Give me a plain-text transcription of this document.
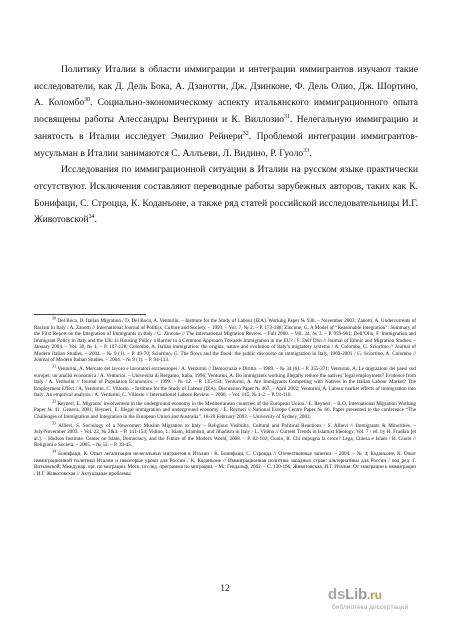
Политику Италии в области иммиграции и интеграции иммигрантов изучают такие исследователи, как Д. Дель Бока, А. Дзанотти, Дж. Дзинконе, Ф. Дель Олио, Дж. Шортино, А. Коломбо$^{30}$. Социально-экономическому аспекту итальянского иммиграционного опыта посвящены работы Алессандры Вентурини и К. Виллозио$^{31}$. Нелегальную иммиграцию и занятость в Италии исследует Эмилио Рейнери$^{32}$. Проблемой интеграции иммигрантов-мусульман в Италии занимаются С. Аллъеви, Л. Видино, Р. Гуоло$^{33}$.

Исследования по иммиграционной ситуации в Италии на русском языке практически отсутствуют. Исключения составляют переводные работы зарубежных авторов, таких как К. Бонифаци, С. Строцца, К. Коданъоне, а также ряд статей российской исследовательницы И.Г. Животовской$^{34}$.

$^{30}$ Del Boca, D. Italian Migration / D. Del Boca, A. Venturini. – Institute for the Study of Labour (IZA). Working Paper № 938. – November 2003; Zanotti, A. Undercurrents of Racism in Italy / A. Zanotti // International Journal of Politics, Culture and Society. – 1993. – Vol. 7, № 2. – P. 173-188; Zincone, G. A Model of “Reasonable Integration”: Summary of the First Report on the Integration of Immigrants in Italy / G. Zincone // The International Migration Review. – Fall 2000. – Vol. 34, № 3. – P. 959-961; Dell’Olio, F. Immigration and Immigrant Policy in Italy and the UK: Is Housing Policy a Barrier to a Common Approach Towards Immigration in the EU? / F. Dell’Olio // Journal of Ethnic and Migration Studies. – January 2004. – Vol. 30, № 1. – P. 107-128; Colombo, A. Italian immigration: the origins, nature and evolution of Italy’s migratory systems / A. Colombo, G. Sciortino // Journal of Modern Italian Studies. – 2004. – № 9 (1). – P. 49-70; Sciortino, G. The flows and the flood: the public discourse on immigration in Italy, 1969-2001 / G. Sciortino, A. Colombo // Journal of Modern Italian Studies. – 2004. – № 9 (1). – P. 94-113.

$^{31}$ Venturini, A. Mercato del lavoro e lavoratori extraeuropei / A. Venturini // Democrazia e Diritto. – 1989. – № 34 (6). – P. 355-371; Venturini, A. Le migrazioni dei paesi sud europei: un’analisi economica / A. Venturini. – Università di Bergamo, Italia, 1996; Venturini, A. Do immigrants working illegally reduce the natives’ legal employment? Evidence from Italy / A. Venturini // Journal of Population Economics. – 1999. – № 12. – P. 135-154; Venturini, A. Are Immigrants Competing with Natives in the Italian Labour Market? The Employment Effect / A. Venturini, C. Villosio. – Institute for the Study of Labour (IZA). Discussion Paper № 467. – April 2002; Venturini, A. Labour market effects of immigration into Italy: An empirical analysis / A. Venturini, C. Villosio // International Labour Review. – 2006. – Vol. 145, № 1-2. – P. 91-118.

$^{32}$ Reyneri, E. Migrants’ involvement in the underground economy in the Mediterranean countries of the European Union / E. Reyneri. – ILO, International Migration Working Paper № 41. Geneva, 2001; Reyneri, E. Illegal immigration and underground economy / E. Reyneri // National Europe Centre Paper № 66. Paper presented to the conference “The Challenges of Immigration and Integration in the European Union and Australia”. 18-20 February 2003. – University of Sydney, 2003.

$^{33}$ Allievi, S. Sociology of a Newcomer: Muslim Migration to Italy – Religious Visibility, Cultural and Political Reactions / S. Allievi // Immigrants & Minorities. – July/November 2003. – Vol. 22, № 2&3. – P. 141-154; Vidino, L. Islam, Islamism, and Jihadism in Italy / L. Vidino // Current Trends in Islamist Ideology. Vol. 7 / ed. by H. Fradkin [et al.]. – Hudson Institute. Center on Islam, Democracy, and the Future of the Modern World, 2008. – P. 82-102; Guolo, R. Chi impugna la croce? Lega, Chiesa e Islam / R. Guolo // Religioni e Società. – 2005. – № 52. – P. 39-45.

$^{34}$ Бонифаци, К. Опыт легализации нелегальных мигрантов в Италии / К. Бонифаци, С. Строцца // Отечественные записки. – 2004. – № 4; Коданъоне, К. Опыт иммиграционной политики Италии и некоторые уроки для России / К. Коданъоне // Иммиграционная политика западных стран: альтернативы для России / под ред. Г. Витковской; Междунар. орг. по миграции. Моск. исслед. программа по миграции. – М.: Гендальф, 2002. – С. 130-166; Животовская, И.Г. Италия: От эмиграции к иммиграции / И.Г. Животовская // Актуальные проблемы

12	dsLib.ru
библиотека диссертаций
